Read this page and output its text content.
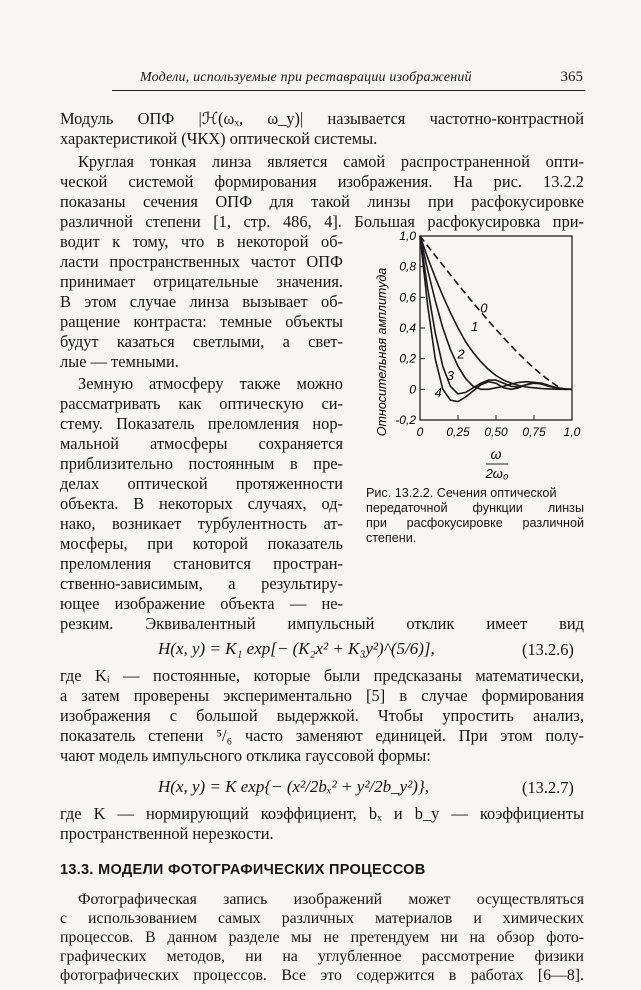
Модели, используемые при реставрации изображений	365
Модуль ОПФ |ℋ(ωₓ, ω_y)| называется частотно-контрастной
характеристикой (ЧКХ) оптической системы.
Круглая тонкая линза является самой распространенной опти-
ческой системой формирования изображения. На рис. 13.2.2
показаны сечения ОПФ для такой линзы при расфокусировке
различной степени [1, стр. 486, 4]. Большая расфокусировка при-
водит к тому, что в некоторой об-
ласти пространственных частот ОПФ
принимает отрицательные значения.
В этом случае линза вызывает об-
ращение контраста: темные объекты
будут казаться светлыми, а свет-
лые — темными.
Земную атмосферу также можно
рассматривать как оптическую си-
стему. Показатель преломления нор-
мальной атмосферы сохраняется
приблизительно постоянным в пре-
делах оптической протяженности
объекта. В некоторых случаях, од-
нако, возникает турбулентность ат-
мосферы, при которой показатель
преломления становится простран-
ственно-зависимым, а результиру-
ющее изображение объекта — не-
резким. Эквивалентный импульсный отклик имеет вид
H(x, y) = K₁ exp[− (K₂x² + K₃y²)^(5/6)],	(13.2.6)
где Kᵢ — постоянные, которые были предсказаны математически,
а затем проверены экспериментально [5] в случае формирования
изображения с большой выдержкой. Чтобы упростить анализ,
показатель степени ⁵/₆ часто заменяют единицей. При этом полу-
чают модель импульсного отклика гауссовой формы:
H(x, y) = K exp{− (x²/2bₓ² + y²/2b_y²)},	(13.2.7)
где K — нормирующий коэффициент, bₓ и b_y — коэффициенты
пространственной нерезкости.
13.3. МОДЕЛИ ФОТОГРАФИЧЕСКИХ ПРОЦЕССОВ
Фотографическая запись изображений может осуществляться
с использованием самых различных материалов и химических
процессов. В данном разделе мы не претендуем ни на обзор фото-
графических методов, ни на углубленное рассмотрение физики
фотографических процессов. Все это содержится в работах [6—8].
1,0
0,8
0,6
0,4
0,2
0
-0,2
0 0,25 0,50 0,75 1,0
0
1
2
3
4
Относительная амплитуда
ω
2ω₀
Рис. 13.2.2. Сечения оптической
передаточной функции линзы
при расфокусировке различной
степени.
